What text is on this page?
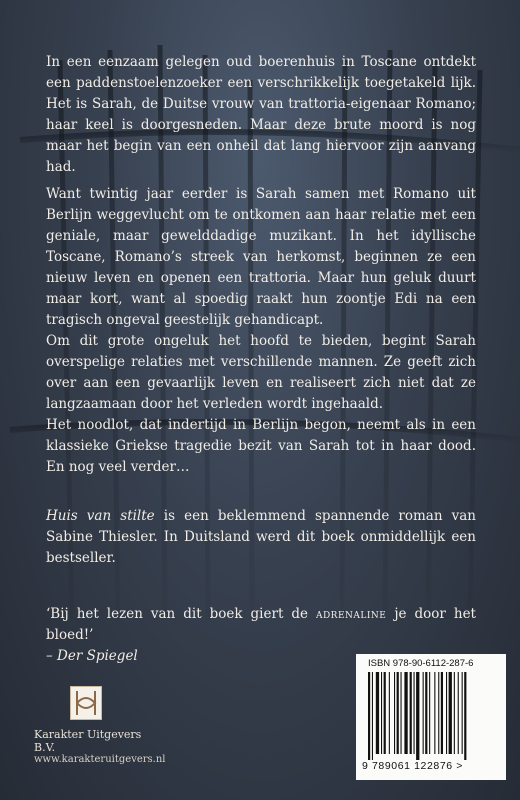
In een eenzaam gelegen oud boerenhuis in Toscane ontdekt een paddenstoelenzoeker een verschrikkelijk toegetakeld lijk. Het is Sarah, de Duitse vrouw van trattoria-eigenaar Romano; haar keel is doorgesneden. Maar deze brute moord is nog maar het begin van een onheil dat lang hiervoor zijn aanvang had.

Want twintig jaar eerder is Sarah samen met Romano uit Berlijn weggevlucht om te ontkomen aan haar relatie met een geniale, maar gewelddadige muzikant. In het idyllische Toscane, Romano’s streek van herkomst, beginnen ze een nieuw leven en openen een trattoria. Maar hun geluk duurt maar kort, want al spoedig raakt hun zoontje Edi na een tragisch ongeval geestelijk gehandicapt.

Om dit grote ongeluk het hoofd te bieden, begint Sarah overspelige relaties met verschillende mannen. Ze geeft zich over aan een gevaarlijk leven en realiseert zich niet dat ze langzaamaan door het verleden wordt ingehaald.

Het noodlot, dat indertijd in Berlijn begon, neemt als in een klassieke Griekse tragedie bezit van Sarah tot in haar dood. En nog veel verder…

Huis van stilte is een beklemmend spannende roman van Sabine Thiesler. In Duitsland werd dit boek onmiddellijk een bestseller.

‘Bij het lezen van dit boek giert de adrenaline je door het bloed!’

– Der Spiegel

Karakter Uitgevers B.V.
www.karakteruitgevers.nl
ISBN 978-90-6112-287-6
9 789061 122876 >
